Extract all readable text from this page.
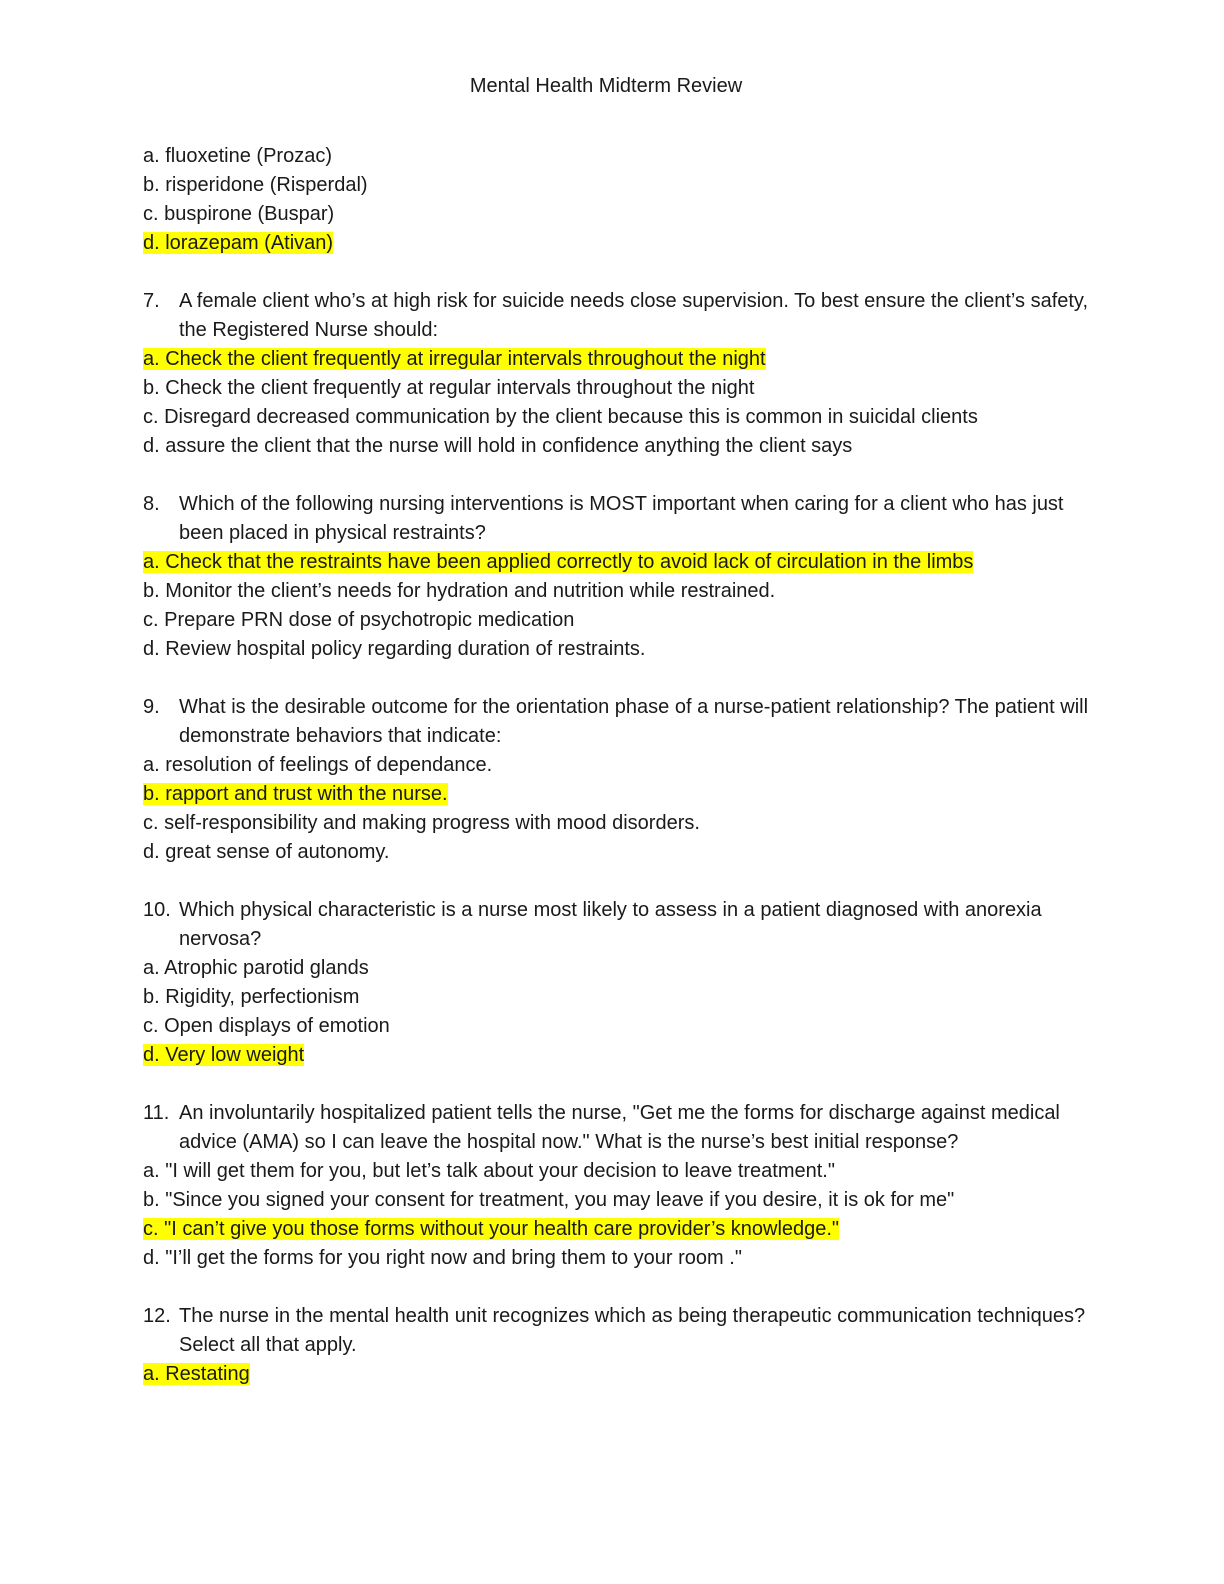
Mental Health Midterm Review
a. fluoxetine (Prozac)
b. risperidone (Risperdal)
c. buspirone (Buspar)
d. lorazepam (Ativan)
7. A female client who’s at high risk for suicide needs close supervision. To best ensure the client’s safety, the Registered Nurse should:
a. Check the client frequently at irregular intervals throughout the night
b. Check the client frequently at regular intervals throughout the night
c. Disregard decreased communication by the client because this is common in suicidal clients
d. assure the client that the nurse will hold in confidence anything the client says
8. Which of the following nursing interventions is MOST important when caring for a client who has just been placed in physical restraints?
a. Check that the restraints have been applied correctly to avoid lack of circulation in the limbs
b. Monitor the client’s needs for hydration and nutrition while restrained.
c. Prepare PRN dose of psychotropic medication
d. Review hospital policy regarding duration of restraints.
9. What is the desirable outcome for the orientation phase of a nurse-patient relationship? The patient will demonstrate behaviors that indicate:
a. resolution of feelings of dependance.
b. rapport and trust with the nurse.
c. self-responsibility and making progress with mood disorders.
d. great sense of autonomy.
10. Which physical characteristic is a nurse most likely to assess in a patient diagnosed with anorexia nervosa?
a. Atrophic parotid glands
b. Rigidity, perfectionism
c. Open displays of emotion
d. Very low weight
11. An involuntarily hospitalized patient tells the nurse, "Get me the forms for discharge against medical advice (AMA) so I can leave the hospital now." What is the nurse’s best initial response?
a. "I will get them for you, but let’s talk about your decision to leave treatment."
b. "Since you signed your consent for treatment, you may leave if you desire, it is ok for me"
c. "I can’t give you those forms without your health care provider’s knowledge."
d. "I’ll get the forms for you right now and bring them to your room ."
12. The nurse in the mental health unit recognizes which as being therapeutic communication techniques? Select all that apply.
a. Restating
